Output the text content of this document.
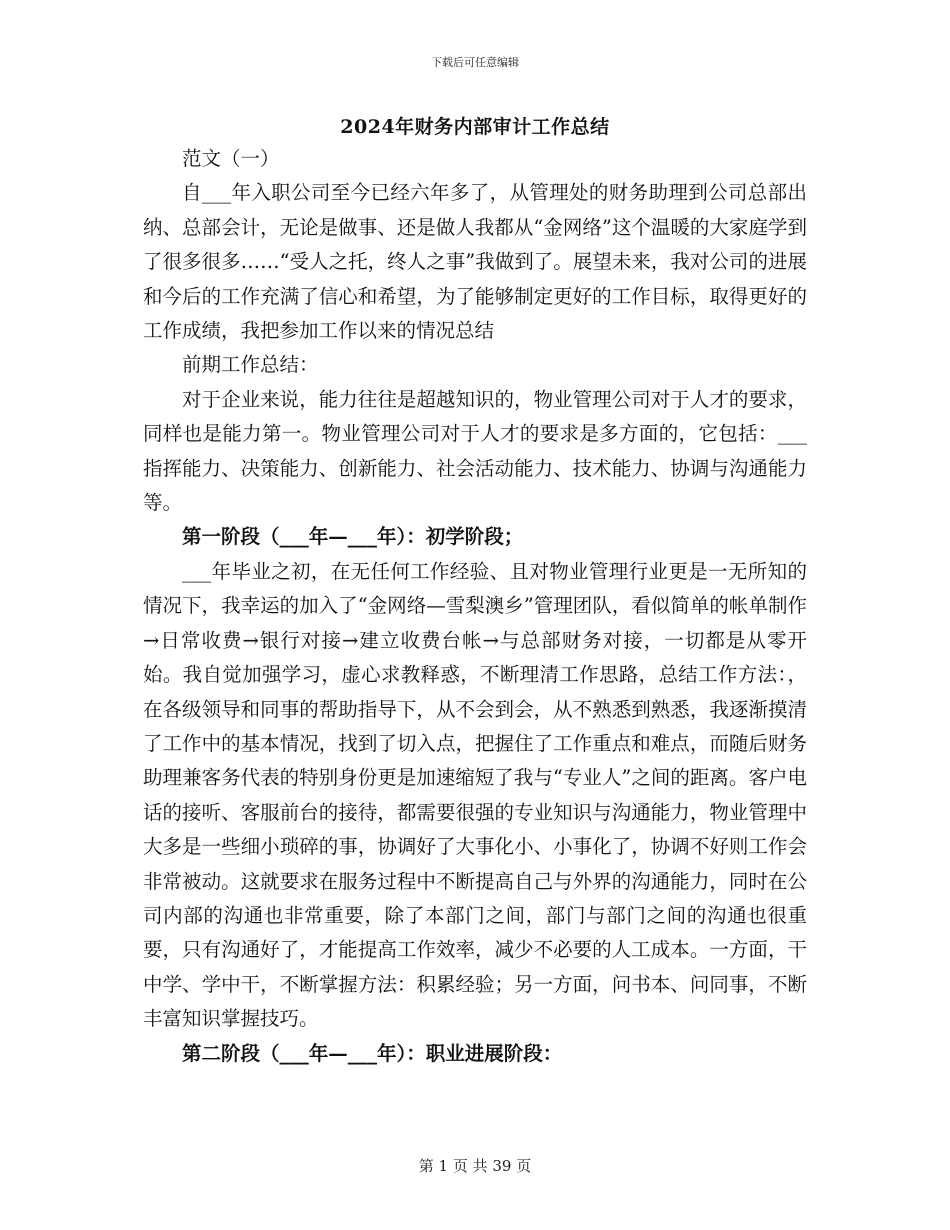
下载后可任意编辑
2024年财务内部审计工作总结

范文（一）

自___年入职公司至今已经六年多了，从管理处的财务助理到公司总部出纳、总部会计，无论是做事、还是做人我都从“金网络”这个温暖的大家庭学到了很多很多……“受人之托，终人之事”我做到了。展望未来，我对公司的进展和今后的工作充满了信心和希望，为了能够制定更好的工作目标，取得更好的工作成绩，我把参加工作以来的情况总结

前期工作总结：

对于企业来说，能力往往是超越知识的，物业管理公司对于人才的要求，同样也是能力第一。物业管理公司对于人才的要求是多方面的，它包括：___指挥能力、决策能力、创新能力、社会活动能力、技术能力、协调与沟通能力等。

第一阶段（___年—___年）：初学阶段；

___年毕业之初，在无任何工作经验、且对物业管理行业更是一无所知的情况下，我幸运的加入了“金网络—雪梨澳乡”管理团队，看似简单的帐单制作→日常收费→银行对接→建立收费台帐→与总部财务对接，一切都是从零开始。我自觉加强学习，虚心求教释惑，不断理清工作思路，总结工作方法：，在各级领导和同事的帮助指导下，从不会到会，从不熟悉到熟悉，我逐渐摸清了工作中的基本情况，找到了切入点，把握住了工作重点和难点，而随后财务助理兼客务代表的特别身份更是加速缩短了我与“专业人”之间的距离。客户电话的接听、客服前台的接待，都需要很强的专业知识与沟通能力，物业管理中大多是一些细小琐碎的事，协调好了大事化小、小事化了，协调不好则工作会非常被动。这就要求在服务过程中不断提高自己与外界的沟通能力，同时在公司内部的沟通也非常重要，除了本部门之间，部门与部门之间的沟通也很重要，只有沟通好了，才能提高工作效率，减少不必要的人工成本。一方面，干中学、学中干，不断掌握方法：积累经验；另一方面，问书本、问同事，不断丰富知识掌握技巧。

第二阶段（___年—___年）：职业进展阶段：

第 1 页 共 39 页
